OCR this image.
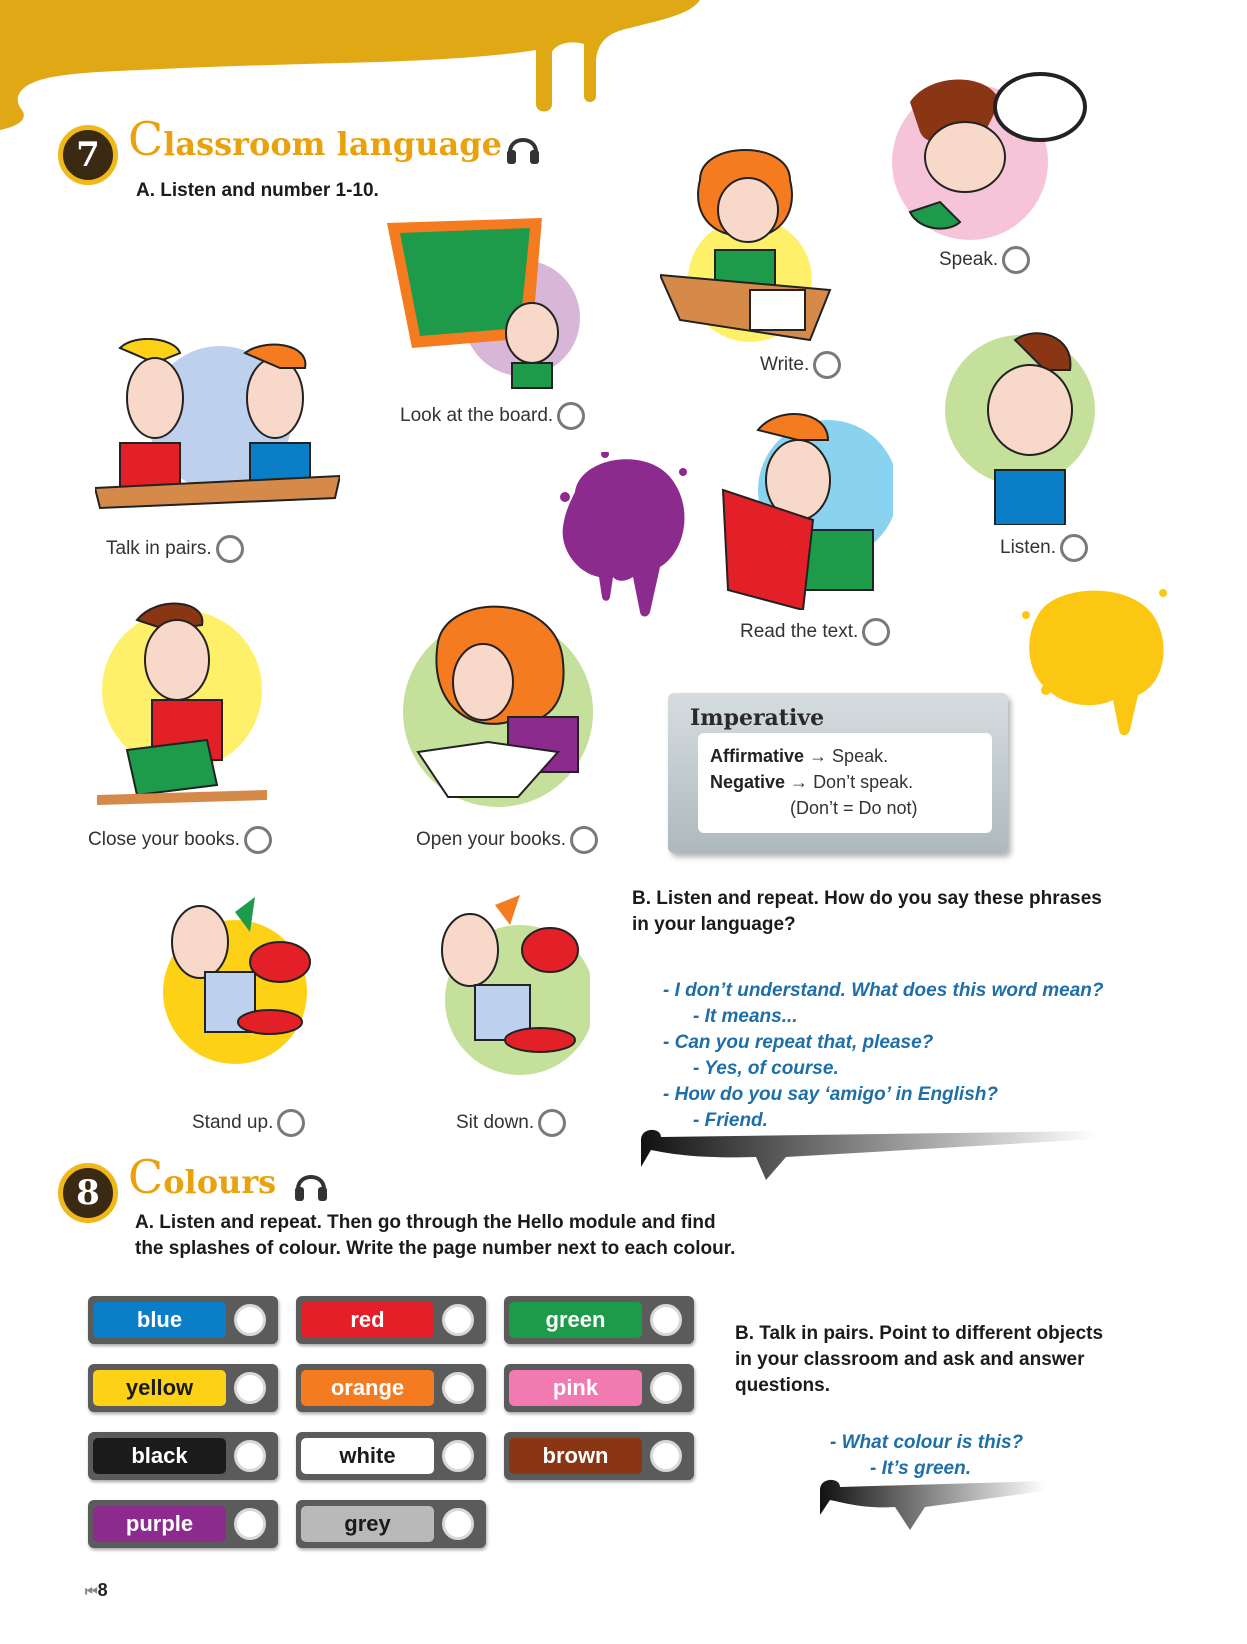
7 Classroom language
A. Listen and number 1-10.
Speak.
Look at the board.
Write.
Talk in pairs.	Listen.
Read the text.
Close your books.	Open your books.
Imperative
Affirmative → Speak.
Negative → Don’t speak.
(Don’t = Do not)
Stand up.	Sit down.
B. Listen and repeat. How do you say these phrases
in your language?
- I don’t understand. What does this word mean?
- It means...
- Can you repeat that, please?
- Yes, of course.
- How do you say ‘amigo’ in English?
- Friend.
8 Colours
A. Listen and repeat. Then go through the Hello module and find
the splashes of colour. Write the page number next to each colour.
blue	red	green
yellow	orange	pink
black	white	brown
purple	grey
B. Talk in pairs. Point to different objects
in your classroom and ask and answer
questions.
- What colour is this?
- It’s green.
⏮8
